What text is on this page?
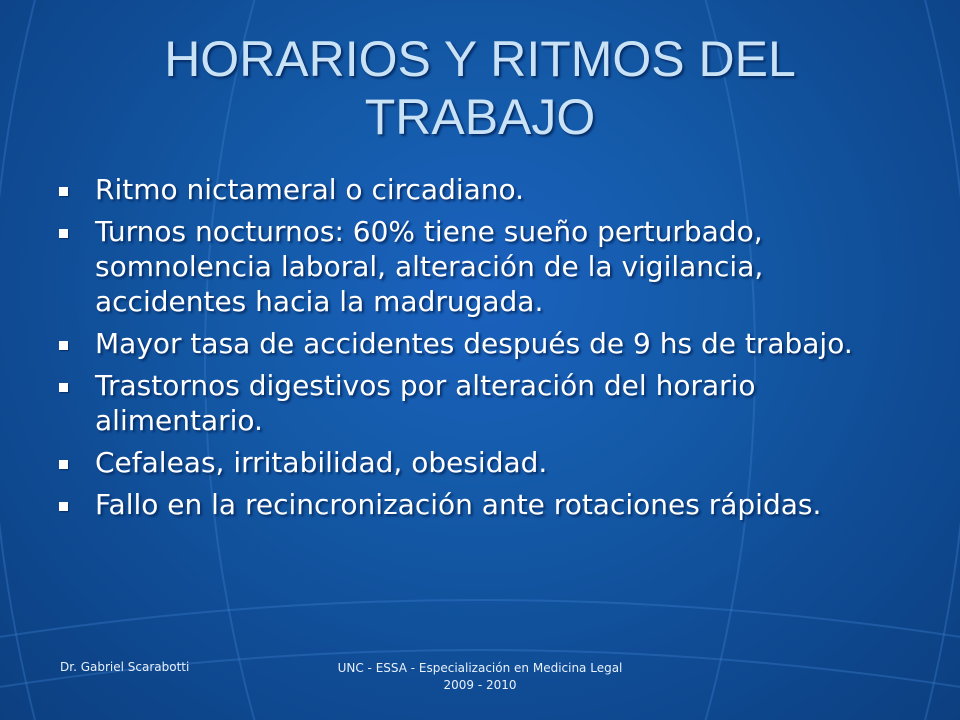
HORARIOS Y RITMOS DEL TRABAJO
Ritmo nictameral o circadiano.
Turnos nocturnos: 60% tiene sueño perturbado, somnolencia laboral, alteración de la vigilancia, accidentes hacia la madrugada.
Mayor tasa de accidentes después de 9 hs de trabajo.
Trastornos digestivos por alteración del horario alimentario.
Cefaleas, irritabilidad, obesidad.
Fallo en la recincronización ante rotaciones rápidas.
Dr. Gabriel Scarabotti	UNC - ESSA - Especialización en Medicina Legal 2009 - 2010
